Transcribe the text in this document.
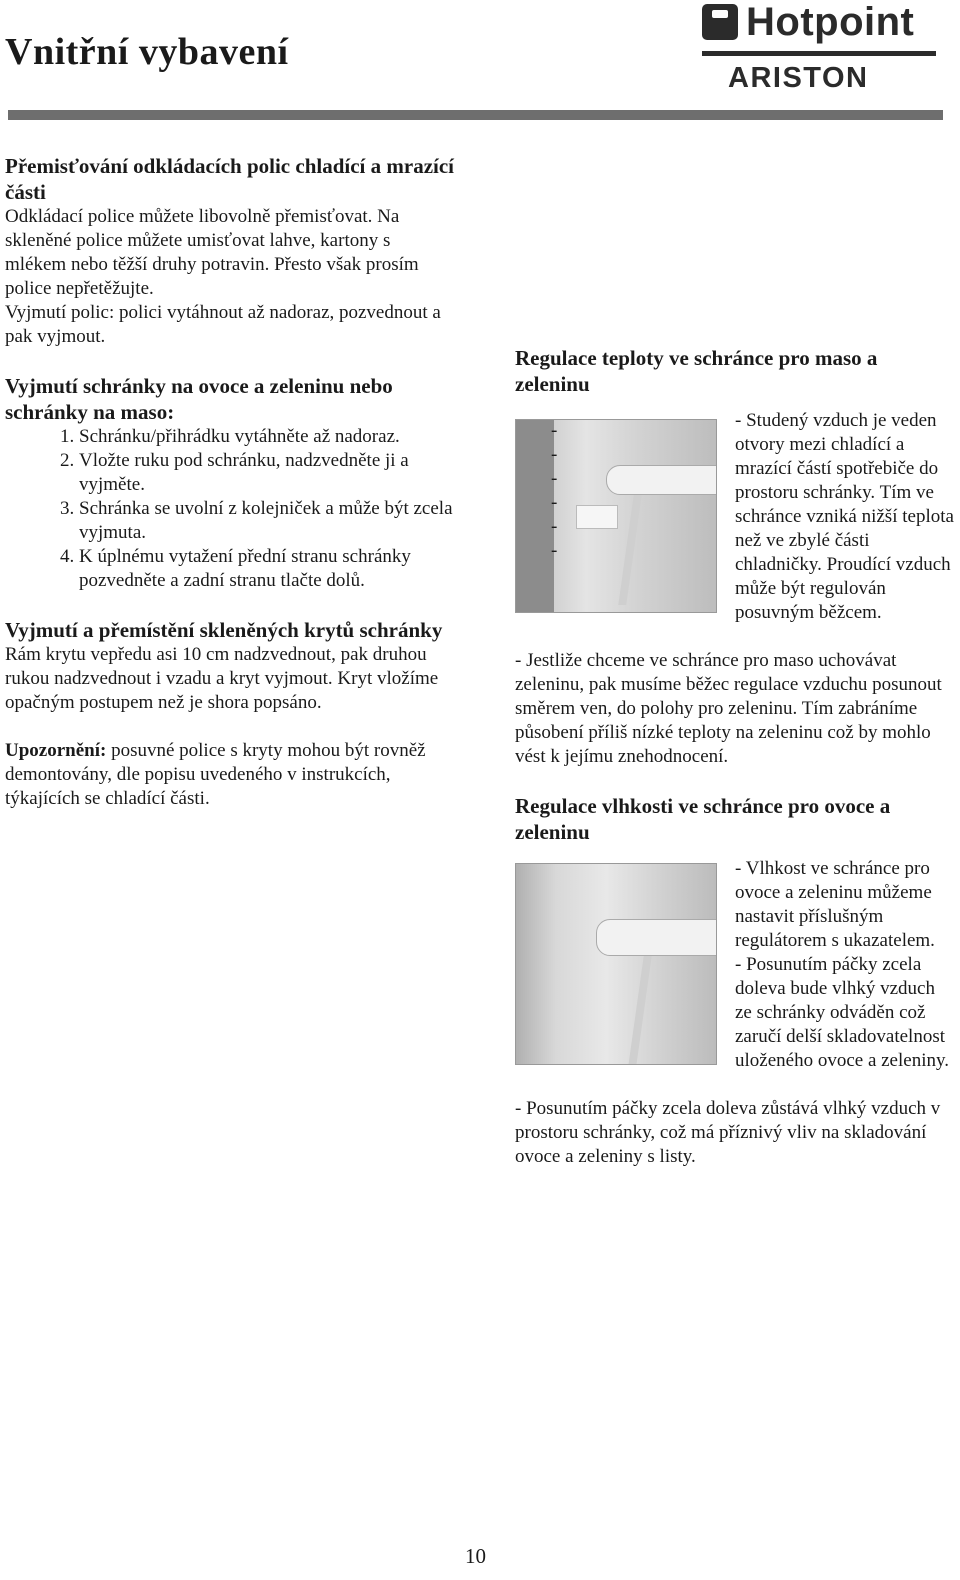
Vnitřní vybavení
Hotpoint
ARISTON
Přemisťování odkládacích polic chladící a mrazící části

Odkládací police můžete libovolně přemisťovat. Na skleněné police můžete umisťovat lahve, kartony s mlékem nebo těžší druhy potravin. Přesto však prosím police nepřetěžujte.

Vyjmutí polic: polici vytáhnout až nadoraz, pozvednout a pak vyjmout.

Vyjmutí schránky na ovoce a zeleninu nebo schránky na maso:
1. Schránku/přihrádku vytáhněte až nadoraz.
2. Vložte ruku pod schránku, nadzvedněte ji a vyjměte.
3. Schránka se uvolní z kolejniček a může být zcela vyjmuta.
4. K úplnému vytažení přední stranu schránky pozvedněte a zadní stranu tlačte dolů.
Vyjmutí a přemístění skleněných krytů schránky

Rám krytu vepředu asi 10 cm nadzvednout, pak druhou rukou nadzvednout i vzadu a kryt vyjmout. Kryt vložíme opačným postupem než je shora popsáno.

Upozornění: posuvné police s kryty mohou být rovněž demontovány, dle popisu uvedeného v instrukcích, týkajících se chladící části.

Regulace teploty ve schránce pro maso a zeleninu
-
-
-
-
-
-

- Studený vzduch je veden otvory mezi chladící a mrazící částí spotřebiče do prostoru schránky. Tím ve schránce vzniká nižší teplota než ve zbylé části chladničky. Proudící vzduch může být regulován posuvným běžcem.

- Jestliže chceme ve schránce pro maso uchovávat zeleninu, pak musíme běžec regulace vzduchu posunout směrem ven, do polohy pro zeleninu. Tím zabráníme působení příliš nízké teploty na zeleninu což by mohlo vést k jejímu znehodnocení.

Regulace vlhkosti ve schránce pro ovoce a zeleninu

- Vlhkost ve schránce pro ovoce a zeleninu můžeme nastavit příslušným regulátorem s ukazatelem.

- Posunutím páčky zcela doleva bude vlhký vzduch ze schránky odváděn což zaručí delší skladovatelnost uloženého ovoce a zeleniny.

- Posunutím páčky zcela doleva zůstává vlhký vzduch v prostoru schránky, což má příznivý vliv na skladování ovoce a zeleniny s listy.

10
